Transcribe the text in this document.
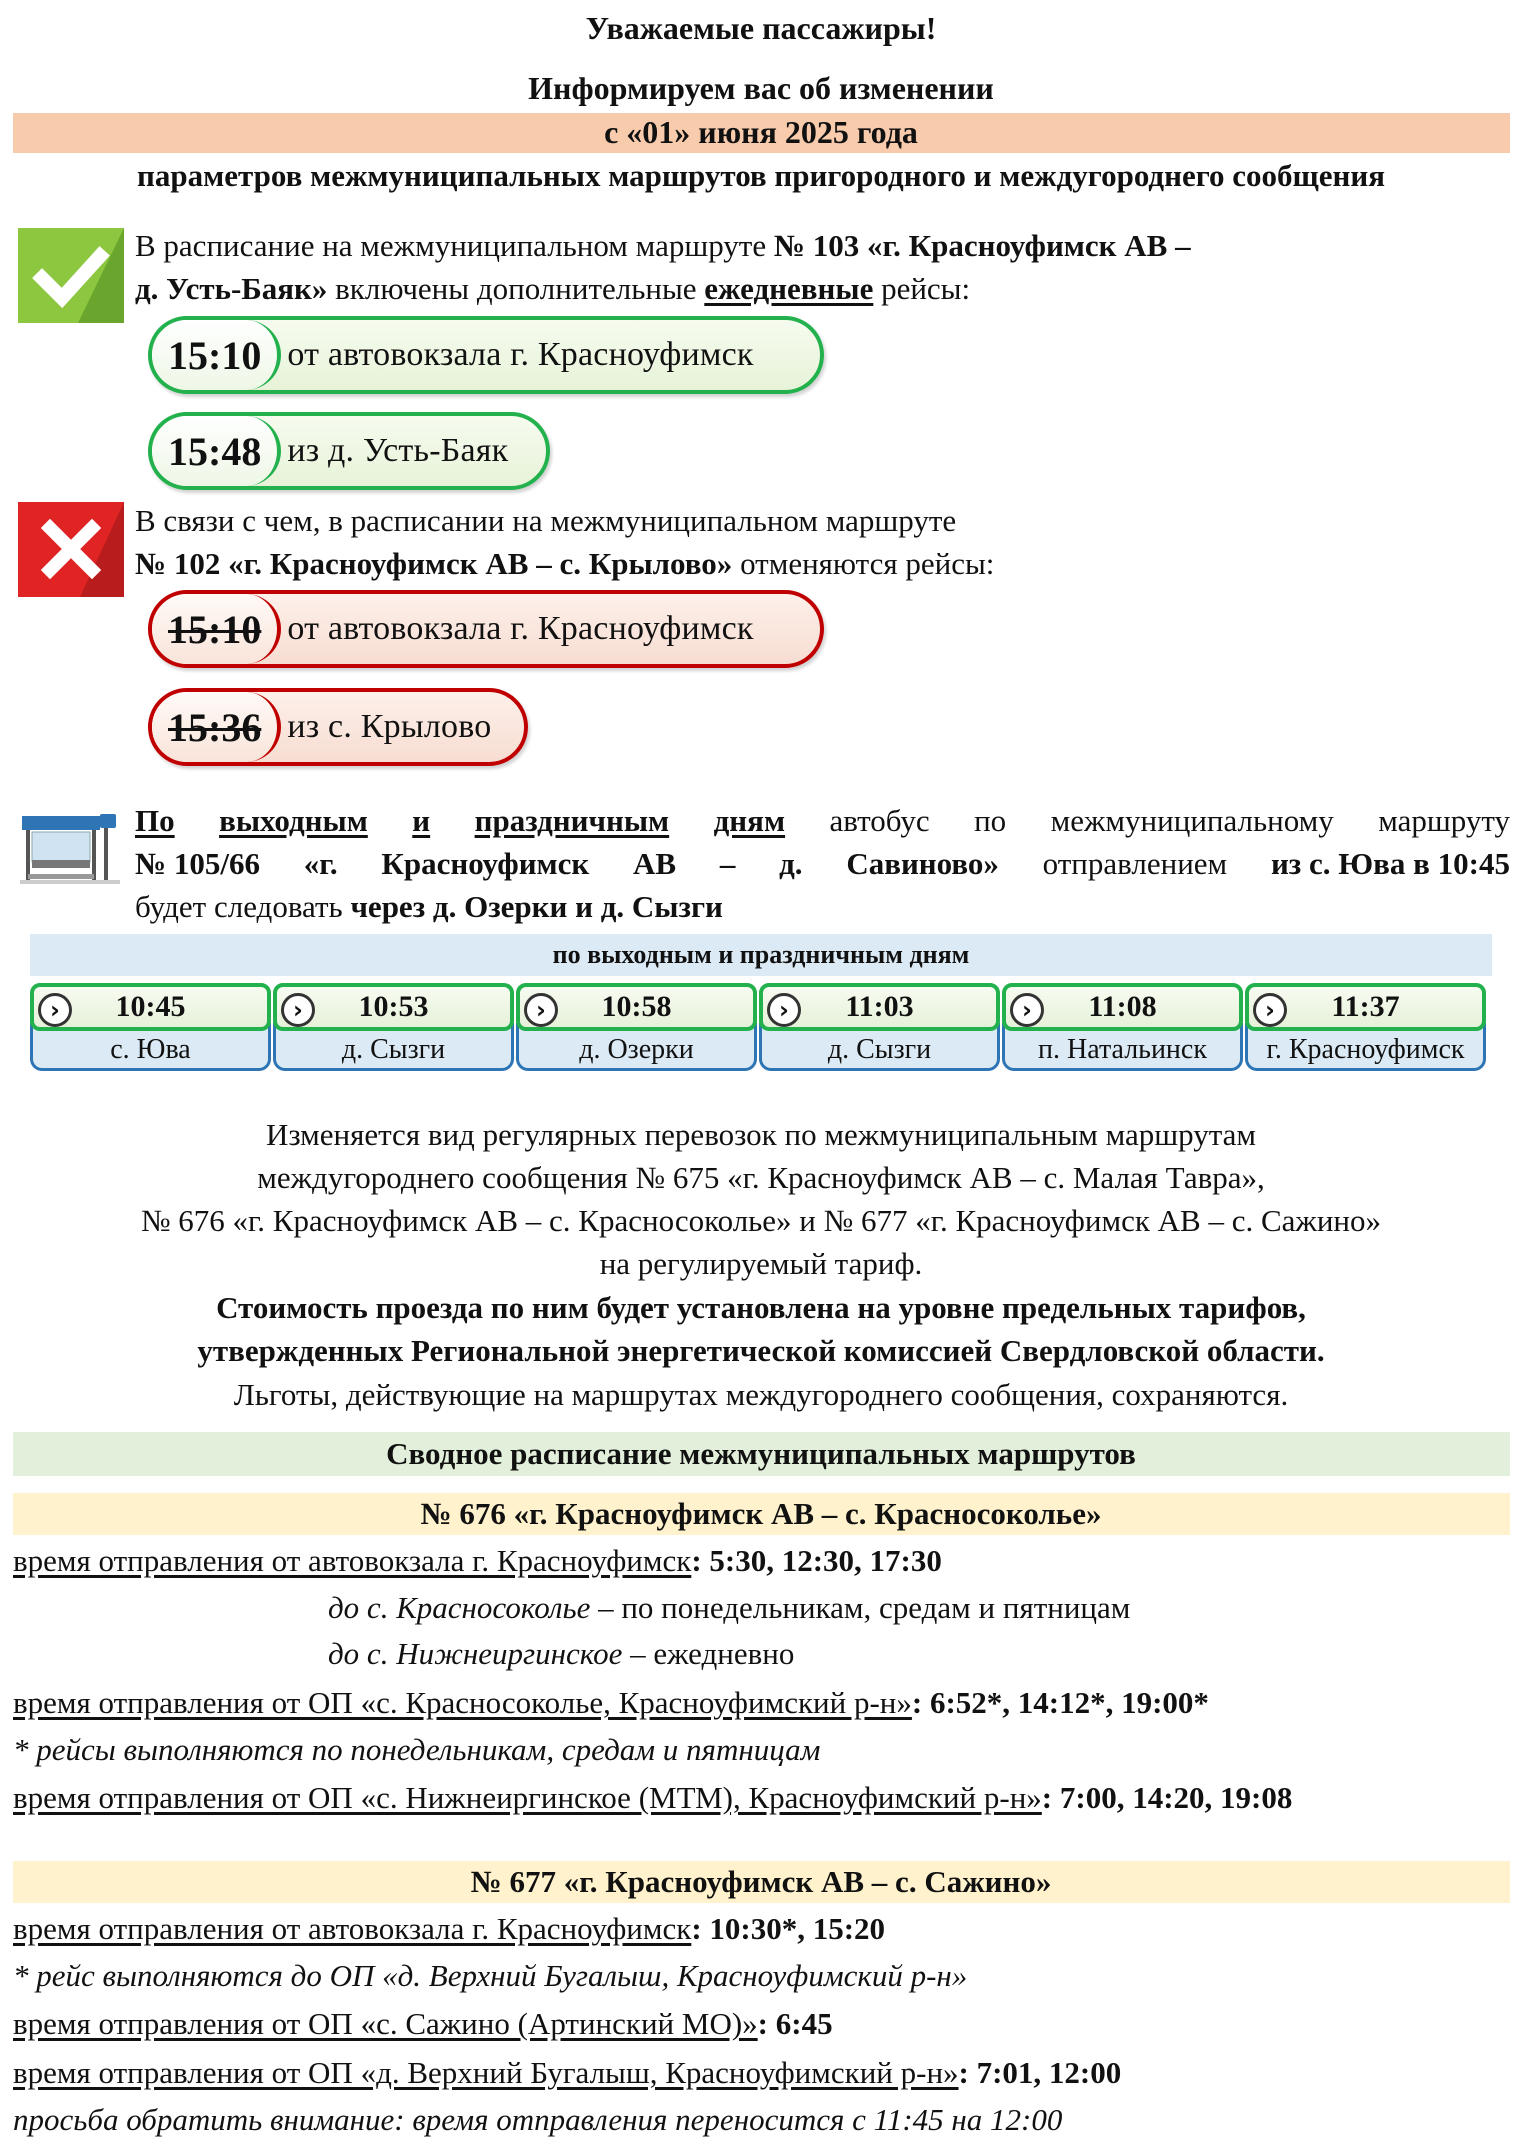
Уважаемые пассажиры!
Информируем вас об изменении
с «01» июня 2025 года
параметров межмуниципальных маршрутов пригородного и междугороднего сообщения
В расписание на межмуниципальном маршруте № 103 «г. Красноуфимск АВ –
д. Усть-Баяк» включены дополнительные ежедневные рейсы:
15:10 от автовокзала г. Красноуфимск
15:48 из д. Усть-Баяк
В связи с чем, в расписании на межмуниципальном маршруте
№ 102 «г. Красноуфимск АВ – с. Крылово» отменяются рейсы:
15:10 от автовокзала г. Красноуфимск
15:36 из с. Крылово
По выходным и праздничным дням автобус по межмуниципальному маршруту
№ 105/66 «г. Красноуфимск АВ – д. Савиново» отправлением из с. Юва в 10:45
будет следовать через д. Озерки и д. Сызги
по выходным и праздничным дням
›	10:45
с. Юва
›	10:53
д. Сызги
›	10:58
д. Озерки
›	11:03
д. Сызги
›	11:08
п. Натальинск
›	11:37
г. Красноуфимск
Изменяется вид регулярных перевозок по межмуниципальным маршрутам
междугороднего сообщения № 675 «г. Красноуфимск АВ – с. Малая Тавра»,
№ 676 «г. Красноуфимск АВ – с. Красносоколье» и № 677 «г. Красноуфимск АВ – с. Сажино»
на регулируемый тариф.
Стоимость проезда по ним будет установлена на уровне предельных тарифов,
утвержденных Региональной энергетической комиссией Свердловской области.
Льготы, действующие на маршрутах междугороднего сообщения, сохраняются.
Сводное расписание межмуниципальных маршрутов
№ 676 «г. Красноуфимск АВ – с. Красносоколье»
время отправления от автовокзала г. Красноуфимск: 5:30, 12:30, 17:30
до с. Красносоколье – по понедельникам, средам и пятницам
до с. Нижнеиргинское – ежедневно
время отправления от ОП «с. Красносоколье, Красноуфимский р-н»: 6:52*, 14:12*, 19:00*
* рейсы выполняются по понедельникам, средам и пятницам
время отправления от ОП «с. Нижнеиргинское (МТМ), Красноуфимский р-н»: 7:00, 14:20, 19:08
№ 677 «г. Красноуфимск АВ – с. Сажино»
время отправления от автовокзала г. Красноуфимск: 10:30*, 15:20
* рейс выполняются до ОП «д. Верхний Бугалыш, Красноуфимский р-н»
время отправления от ОП «с. Сажино (Артинский МО)»: 6:45
время отправления от ОП «д. Верхний Бугалыш, Красноуфимский р-н»: 7:01, 12:00
просьба обратить внимание: время отправления переносится с 11:45 на 12:00
